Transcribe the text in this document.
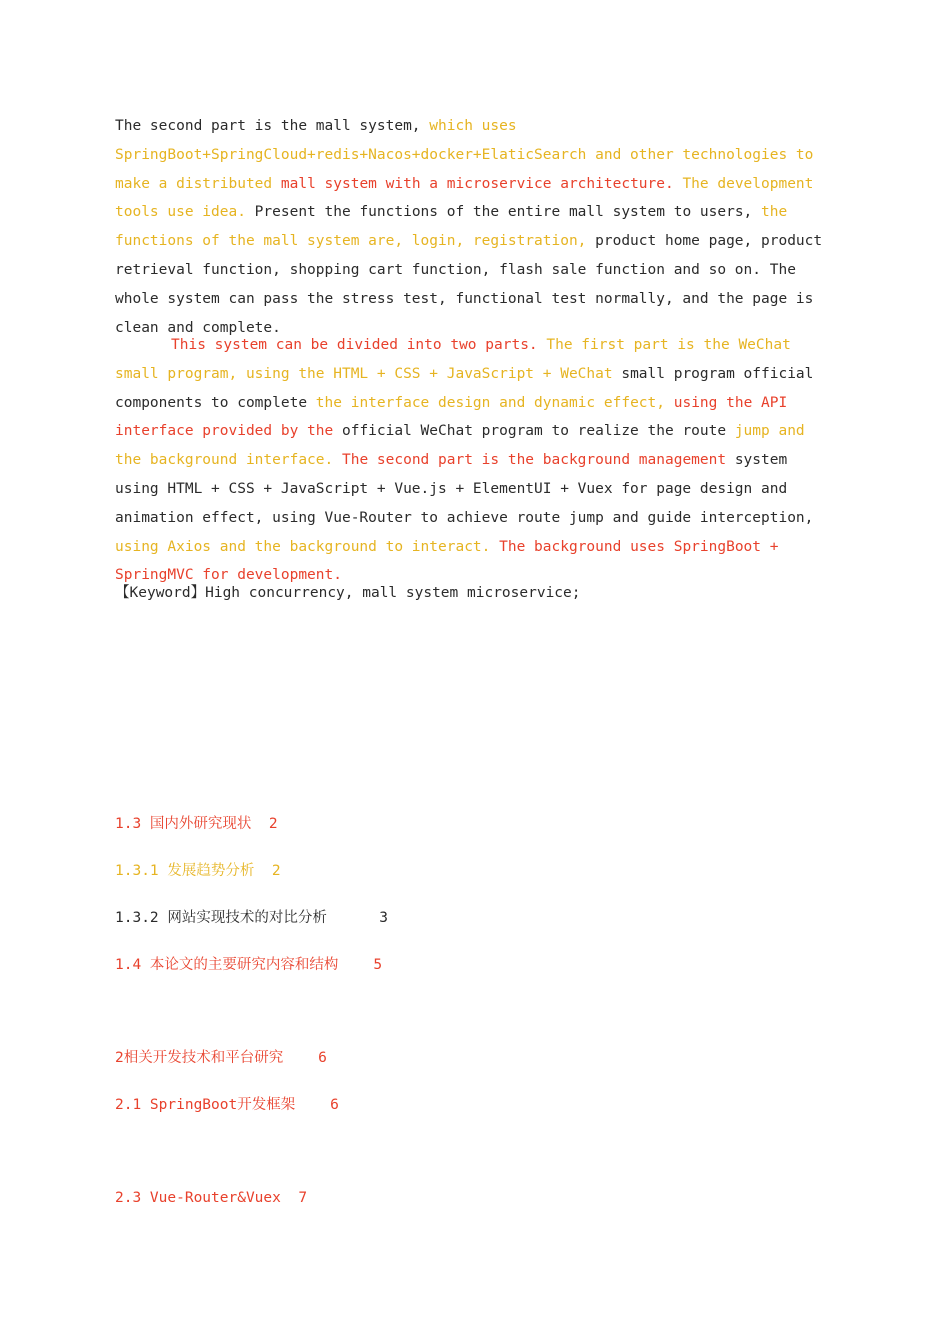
The second part is the mall system, which uses SpringBoot+SpringCloud+redis+Nacos+docker+ElaticSearch and other technologies to make a distributed mall system with a microservice architecture. The development tools use idea. Present the functions of the entire mall system to users, the functions of the mall system are, login, registration, product home page, product retrieval function, shopping cart function, flash sale function and so on. The whole system can pass the stress test, functional test normally, and the page is clean and complete.

This system can be divided into two parts. The first part is the WeChat small program, using the HTML + CSS + JavaScript + WeChat small program official components to complete the interface design and dynamic effect, using the API interface provided by the official WeChat program to realize the route jump and the background interface. The second part is the background management system using HTML + CSS + JavaScript + Vue.js + ElementUI + Vuex for page design and animation effect, using Vue-Router to achieve route jump and guide interception, using Axios and the background to interact. The background uses SpringBoot + SpringMVC for development.

【Keyword】High concurrency, mall system microservice;

1.3 国内外研究现状  2

1.3.1 发展趋势分析  2

1.3.2 网站实现技术的对比分析      3

1.4 本论文的主要研究内容和结构    5

2相关开发技术和平台研究    6

2.1 SpringBoot开发框架    6

2.3 Vue-Router&Vuex  7
